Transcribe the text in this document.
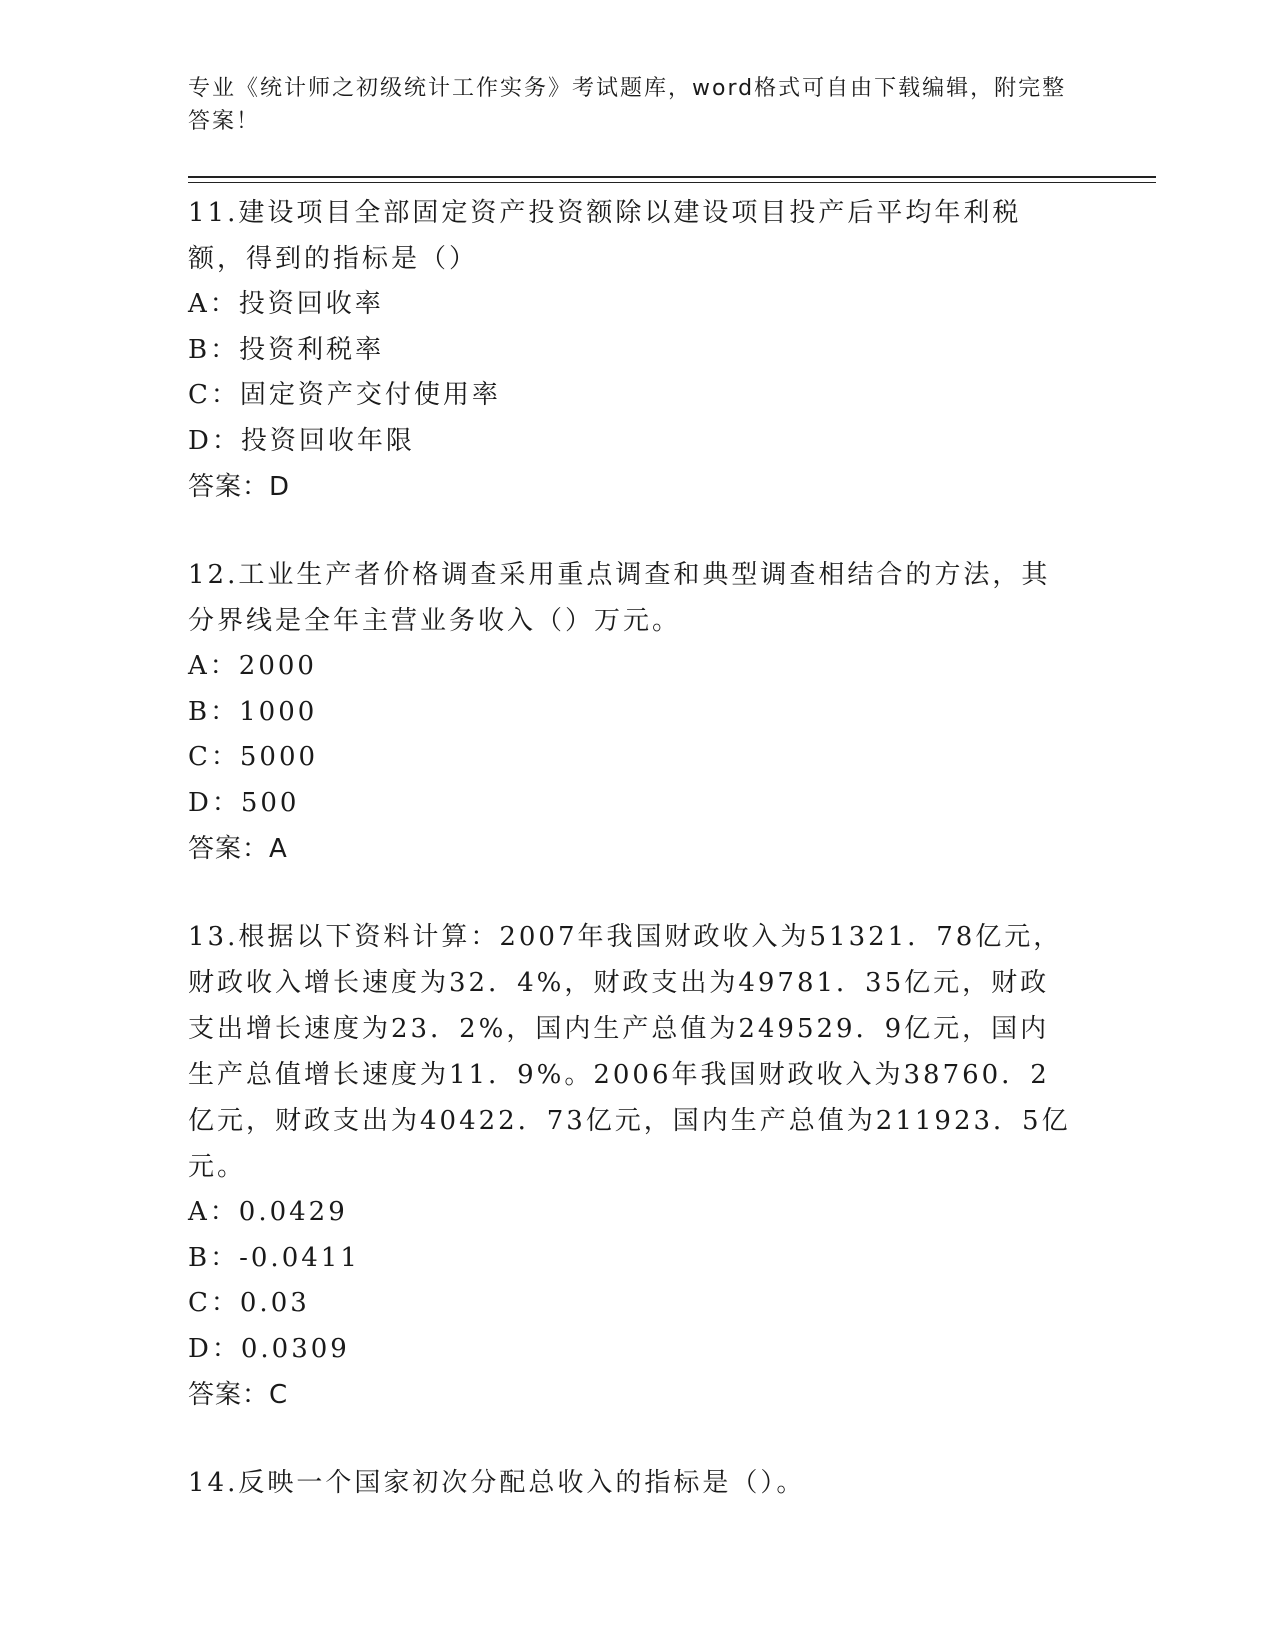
专业《统计师之初级统计工作实务》考试题库，word格式可自由下载编辑，附完整答案！

11.建设项目全部固定资产投资额除以建设项目投产后平均年利税额，得到的指标是（）

A：投资回收率

B：投资利税率

C：固定资产交付使用率

D：投资回收年限

答案：D

12.工业生产者价格调查采用重点调查和典型调查相结合的方法，其分界线是全年主营业务收入（）万元。

A：2000

B：1000

C：5000

D：500

答案：A

13.根据以下资料计算：2007年我国财政收入为51321．78亿元，财政收入增长速度为32．4%，财政支出为49781．35亿元，财政支出增长速度为23．2%，国内生产总值为249529．9亿元，国内生产总值增长速度为11．9%。2006年我国财政收入为38760．2亿元，财政支出为40422．73亿元，国内生产总值为211923．5亿元。

A：0.0429

B：-0.0411

C：0.03

D：0.0309

答案：C

14.反映一个国家初次分配总收入的指标是（）。
